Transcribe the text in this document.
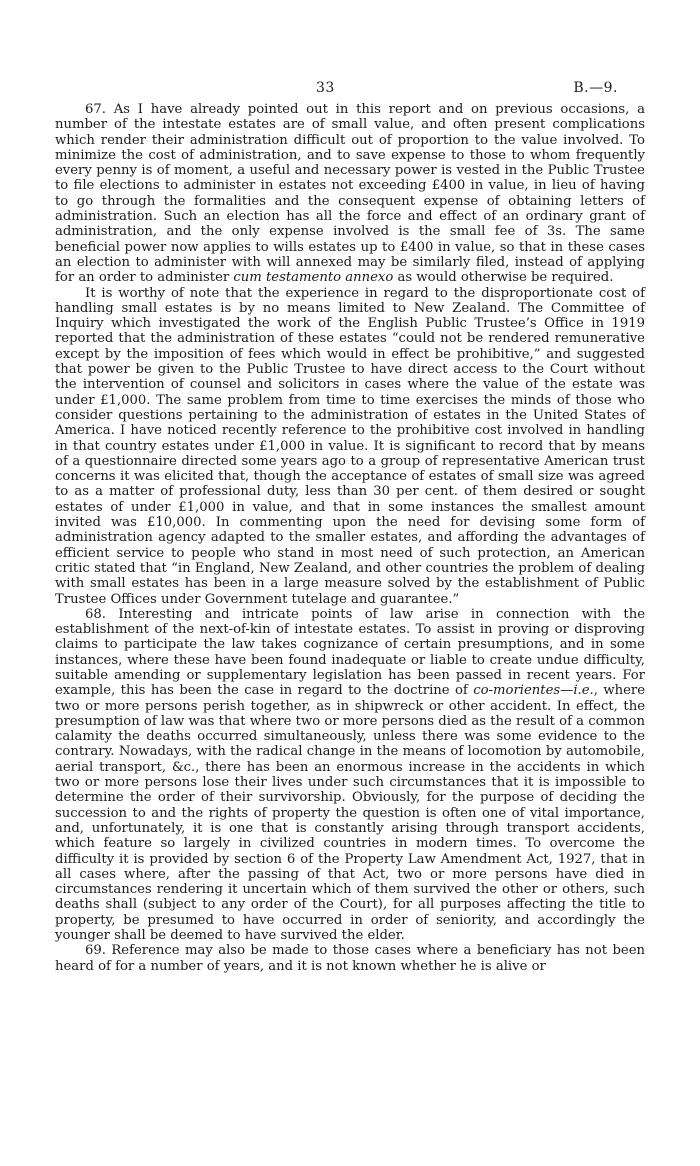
33	B.—9.

67. As I have already pointed out in this report and on previous occasions, a number of the intestate estates are of small value, and often present complications which render their administration difficult out of proportion to the value involved. To minimize the cost of administration, and to save expense to those to whom frequently every penny is of moment, a useful and necessary power is vested in the Public Trustee to file elections to administer in estates not exceeding £400 in value, in lieu of having to go through the formalities and the consequent expense of obtaining letters of administration. Such an election has all the force and effect of an ordinary grant of administration, and the only expense involved is the small fee of 3s. The same beneficial power now applies to wills estates up to £400 in value, so that in these cases an election to administer with will annexed may be similarly filed, instead of applying for an order to administer cum testamento annexo as would otherwise be required.

It is worthy of note that the experience in regard to the disproportionate cost of handling small estates is by no means limited to New Zealand. The Committee of Inquiry which investigated the work of the English Public Trustee’s Office in 1919 reported that the administration of these estates “could not be rendered remunerative except by the imposition of fees which would in effect be prohibitive,” and suggested that power be given to the Public Trustee to have direct access to the Court without the intervention of counsel and solicitors in cases where the value of the estate was under £1,000. The same problem from time to time exercises the minds of those who consider questions pertaining to the administration of estates in the United States of America. I have noticed recently reference to the prohibitive cost involved in handling in that country estates under £1,000 in value. It is significant to record that by means of a questionnaire directed some years ago to a group of representative American trust concerns it was elicited that, though the acceptance of estates of small size was agreed to as a matter of professional duty, less than 30 per cent. of them desired or sought estates of under £1,000 in value, and that in some instances the smallest amount invited was £10,000. In commenting upon the need for devising some form of administration agency adapted to the smaller estates, and affording the advantages of efficient service to people who stand in most need of such protection, an American critic stated that “in England, New Zealand, and other countries the problem of dealing with small estates has been in a large measure solved by the establishment of Public Trustee Offices under Government tutelage and guarantee.”

68. Interesting and intricate points of law arise in connection with the establishment of the next-of-kin of intestate estates. To assist in proving or disproving claims to participate the law takes cognizance of certain presumptions, and in some instances, where these have been found inadequate or liable to create undue difficulty, suitable amending or supplementary legislation has been passed in recent years. For example, this has been the case in regard to the doctrine of co-morientes—i.e., where two or more persons perish together, as in shipwreck or other accident. In effect, the presumption of law was that where two or more persons died as the result of a common calamity the deaths occurred simultaneously, unless there was some evidence to the contrary. Nowadays, with the radical change in the means of locomotion by automobile, aerial transport, &c., there has been an enormous increase in the accidents in which two or more persons lose their lives under such circumstances that it is impossible to determine the order of their survivorship. Obviously, for the purpose of deciding the succession to and the rights of property the question is often one of vital importance, and, unfortunately, it is one that is constantly arising through transport accidents, which feature so largely in civilized countries in modern times. To overcome the difficulty it is provided by section 6 of the Property Law Amendment Act, 1927, that in all cases where, after the passing of that Act, two or more persons have died in circumstances rendering it uncertain which of them survived the other or others, such deaths shall (subject to any order of the Court), for all purposes affecting the title to property, be presumed to have occurred in order of seniority, and accordingly the younger shall be deemed to have survived the elder.

69. Reference may also be made to those cases where a beneficiary has not been heard of for a number of years, and it is not known whether he is alive or
